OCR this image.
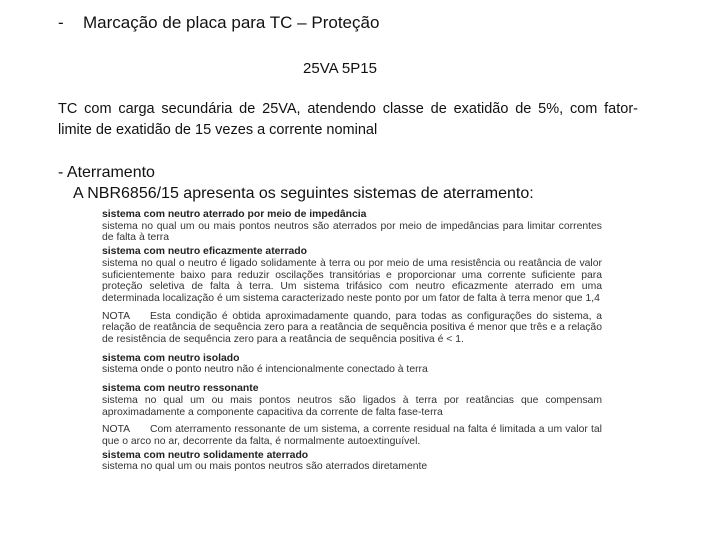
- Marcação de placa para TC – Proteção
25VA 5P15
TC com carga secundária de 25VA, atendendo classe de exatidão de 5%, com fator-
limite de exatidão de 15 vezes a corrente nominal
- Aterramento
A NBR6856/15 apresenta os seguintes sistemas de aterramento:
sistema com neutro aterrado por meio de impedância
sistema no qual um ou mais pontos neutros são aterrados por meio de impedâncias para limitar correntes de falta à terra
sistema com neutro eficazmente aterrado
sistema no qual o neutro é ligado solidamente à terra ou por meio de uma resistência ou reatância de valor suficientemente baixo para reduzir oscilações transitórias e proporcionar uma corrente suficiente para proteção seletiva de falta à terra. Um sistema trifásico com neutro eficazmente aterrado em uma determinada localização é um sistema caracterizado neste ponto por um fator de falta à terra menor que 1,4
NOTA Esta condição é obtida aproximadamente quando, para todas as configurações do sistema, a relação de reatância de sequência zero para a reatância de sequência positiva é menor que três e a relação de resistência de sequência zero para a reatância de sequência positiva é < 1.
sistema com neutro isolado
sistema onde o ponto neutro não é intencionalmente conectado à terra
sistema com neutro ressonante
sistema no qual um ou mais pontos neutros são ligados à terra por reatâncias que compensam aproximadamente a componente capacitiva da corrente de falta fase-terra
NOTA Com aterramento ressonante de um sistema, a corrente residual na falta é limitada a um valor tal que o arco no ar, decorrente da falta, é normalmente autoextinguível.
sistema com neutro solidamente aterrado
sistema no qual um ou mais pontos neutros são aterrados diretamente
